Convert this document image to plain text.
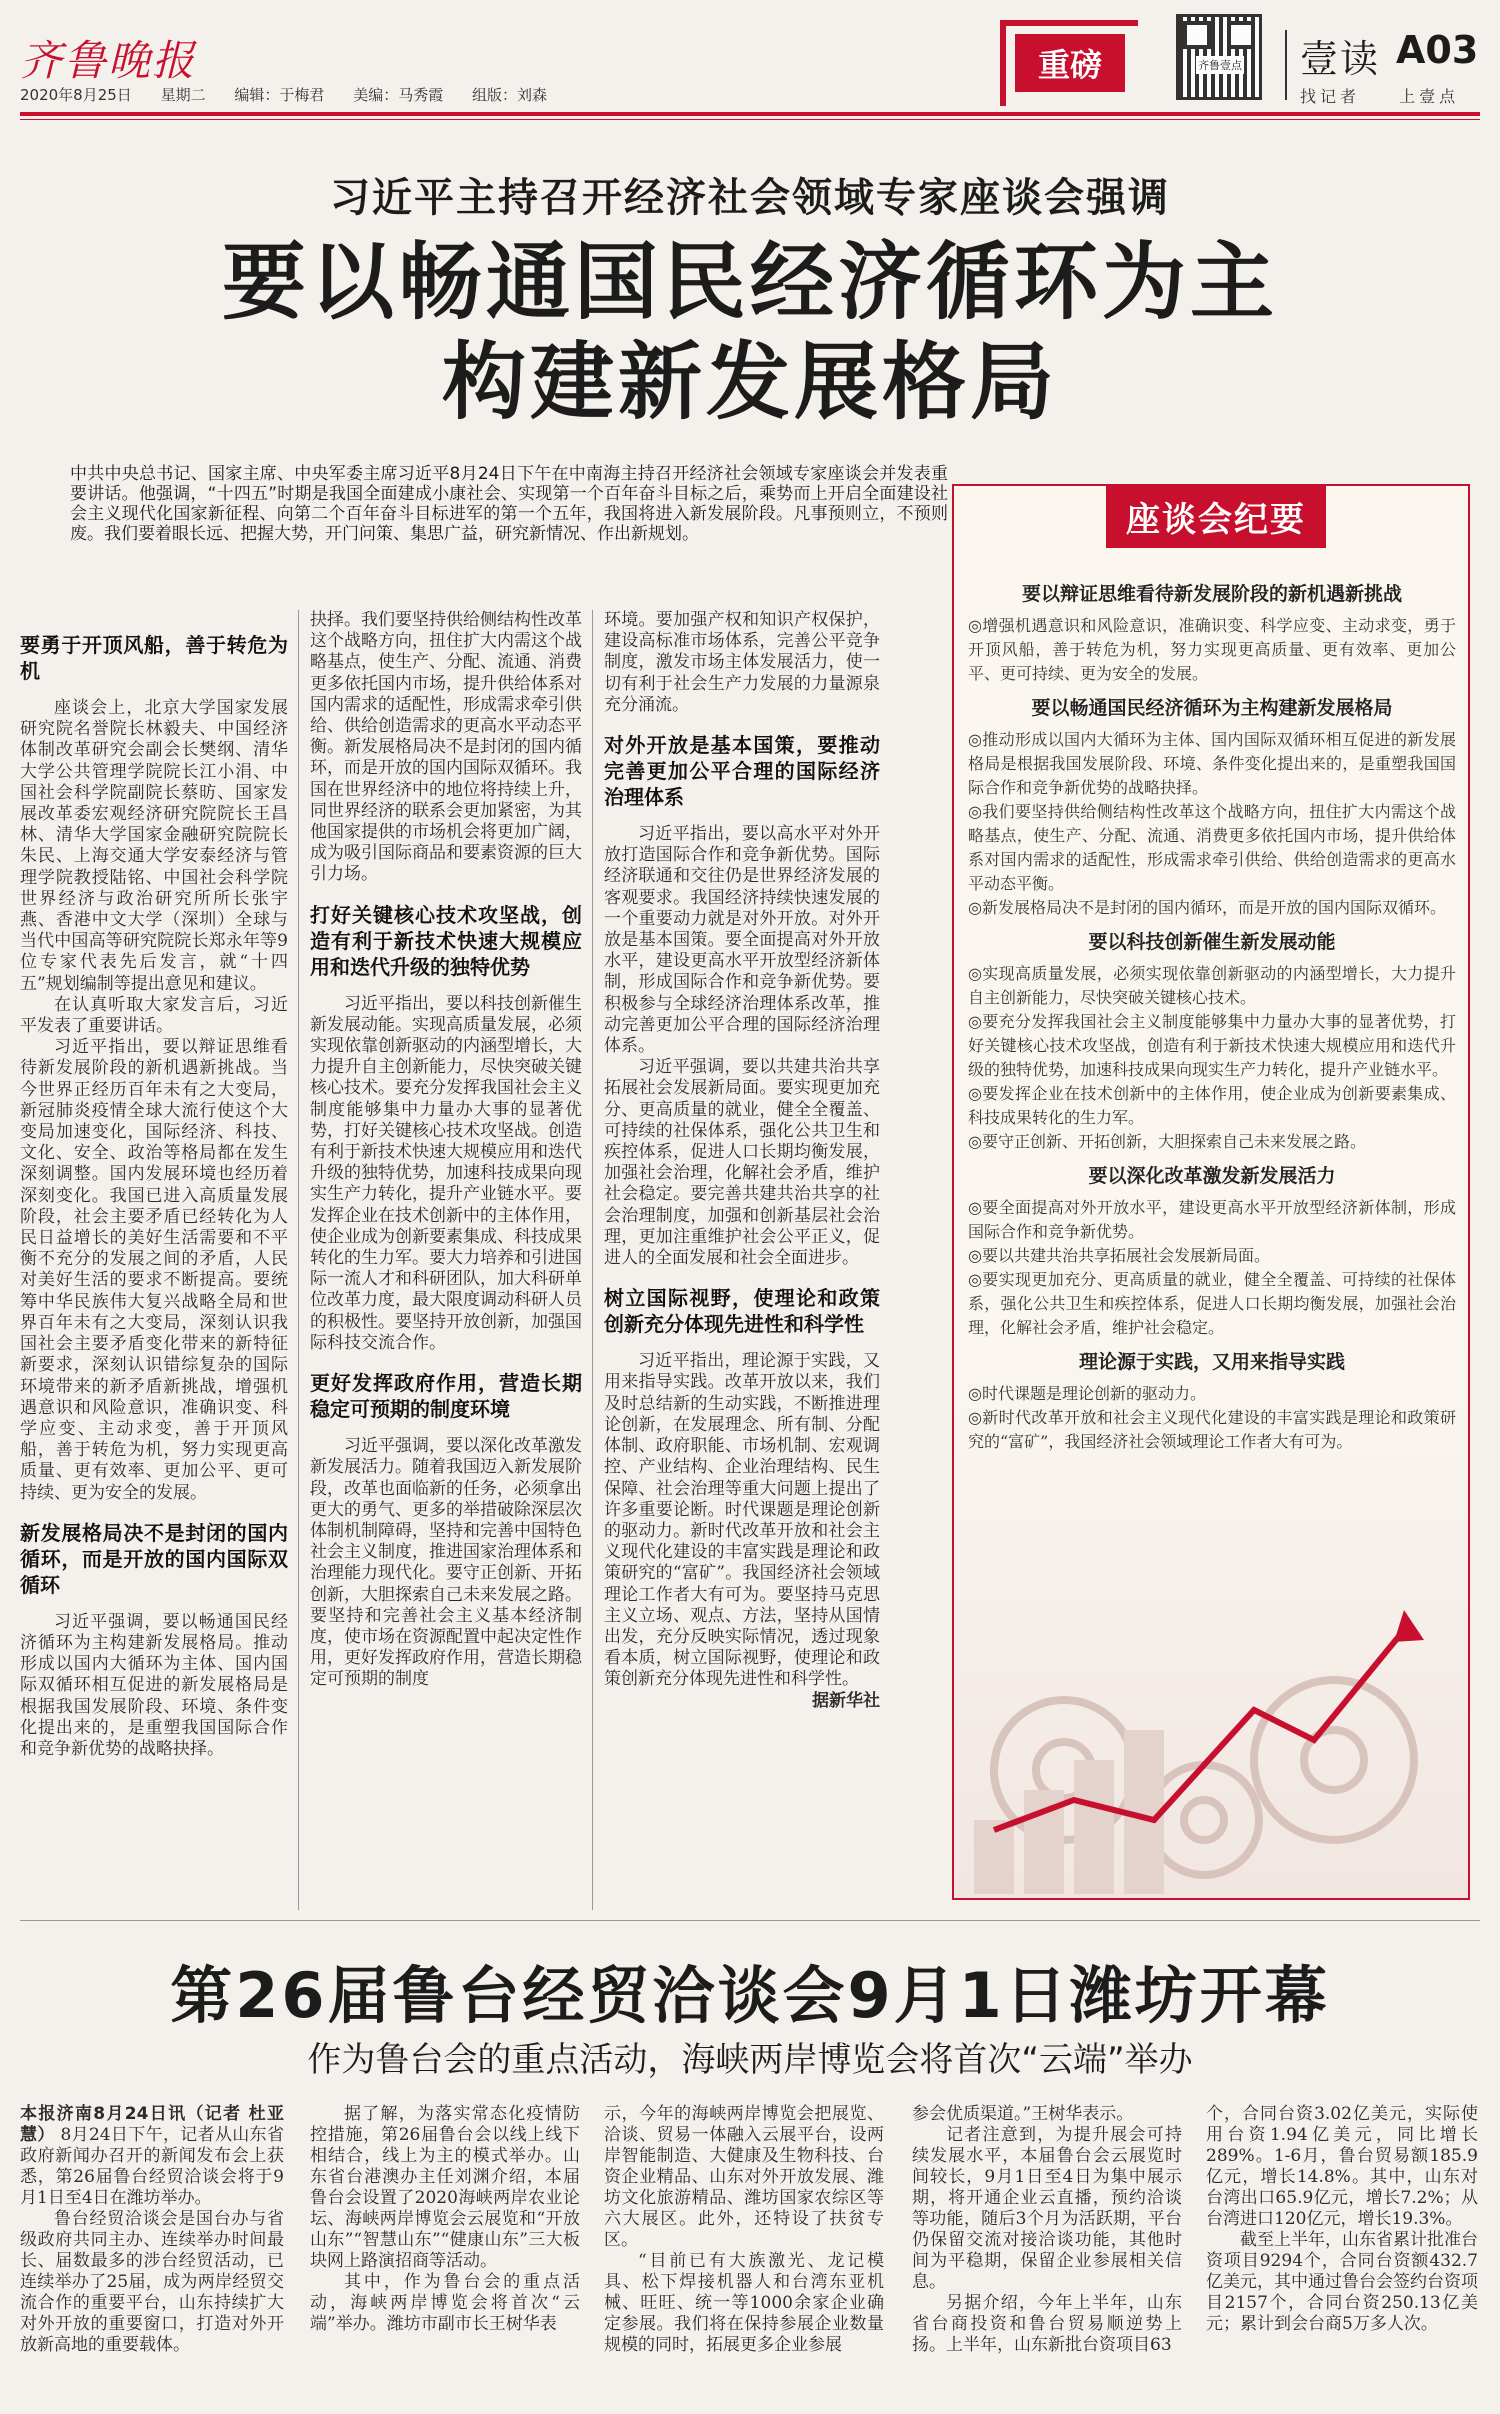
齐鲁晚报
2020年8月25日 星期二 编辑：于梅君 美编：马秀霞 组版：刘森
重磅	齐鲁壹点 壹读 A03
找记者 上壹点
习近平主持召开经济社会领域专家座谈会强调
要以畅通国民经济循环为主
构建新发展格局
中共中央总书记、国家主席、中央军委主席习近平8月24日下午在中南海主持召开经济社会领域专家座谈会并发表重要讲话。他强调，“十四五”时期是我国全面建成小康社会、实现第一个百年奋斗目标之后，乘势而上开启全面建设社会主义现代化国家新征程、向第二个百年奋斗目标进军的第一个五年，我国将进入新发展阶段。凡事预则立，不预则废。我们要着眼长远、把握大势，开门问策、集思广益，研究新情况、作出新规划。
要勇于开顶风船，善于转危为机

座谈会上，北京大学国家发展研究院名誉院长林毅夫、中国经济体制改革研究会副会长樊纲、清华大学公共管理学院院长江小涓、中国社会科学院副院长蔡昉、国家发展改革委宏观经济研究院院长王昌林、清华大学国家金融研究院院长朱民、上海交通大学安泰经济与管理学院教授陆铭、中国社会科学院世界经济与政治研究所所长张宇燕、香港中文大学（深圳）全球与当代中国高等研究院院长郑永年等9位专家代表先后发言，就“十四五”规划编制等提出意见和建议。

在认真听取大家发言后，习近平发表了重要讲话。

习近平指出，要以辩证思维看待新发展阶段的新机遇新挑战。当今世界正经历百年未有之大变局，新冠肺炎疫情全球大流行使这个大变局加速变化，国际经济、科技、文化、安全、政治等格局都在发生深刻调整。国内发展环境也经历着深刻变化。我国已进入高质量发展阶段，社会主要矛盾已经转化为人民日益增长的美好生活需要和不平衡不充分的发展之间的矛盾，人民对美好生活的要求不断提高。要统筹中华民族伟大复兴战略全局和世界百年未有之大变局，深刻认识我国社会主要矛盾变化带来的新特征新要求，深刻认识错综复杂的国际环境带来的新矛盾新挑战，增强机遇意识和风险意识，准确识变、科学应变、主动求变，善于开顶风船，善于转危为机，努力实现更高质量、更有效率、更加公平、更可持续、更为安全的发展。

新发展格局决不是封闭的国内循环，而是开放的国内国际双循环

习近平强调，要以畅通国民经济循环为主构建新发展格局。推动形成以国内大循环为主体、国内国际双循环相互促进的新发展格局是根据我国发展阶段、环境、条件变化提出来的，是重塑我国国际合作和竞争新优势的战略抉择。

抉择。我们要坚持供给侧结构性改革这个战略方向，扭住扩大内需这个战略基点，使生产、分配、流通、消费更多依托国内市场，提升供给体系对国内需求的适配性，形成需求牵引供给、供给创造需求的更高水平动态平衡。新发展格局决不是封闭的国内循环，而是开放的国内国际双循环。我国在世界经济中的地位将持续上升，同世界经济的联系会更加紧密，为其他国家提供的市场机会将更加广阔，成为吸引国际商品和要素资源的巨大引力场。

打好关键核心技术攻坚战，创造有利于新技术快速大规模应用和迭代升级的独特优势

习近平指出，要以科技创新催生新发展动能。实现高质量发展，必须实现依靠创新驱动的内涵型增长，大力提升自主创新能力，尽快突破关键核心技术。要充分发挥我国社会主义制度能够集中力量办大事的显著优势，打好关键核心技术攻坚战。创造有利于新技术快速大规模应用和迭代升级的独特优势，加速科技成果向现实生产力转化，提升产业链水平。要发挥企业在技术创新中的主体作用，使企业成为创新要素集成、科技成果转化的生力军。要大力培养和引进国际一流人才和科研团队，加大科研单位改革力度，最大限度调动科研人员的积极性。要坚持开放创新，加强国际科技交流合作。

更好发挥政府作用，营造长期稳定可预期的制度环境

习近平强调，要以深化改革激发新发展活力。随着我国迈入新发展阶段，改革也面临新的任务，必须拿出更大的勇气、更多的举措破除深层次体制机制障碍，坚持和完善中国特色社会主义制度，推进国家治理体系和治理能力现代化。要守正创新、开拓创新，大胆探索自己未来发展之路。要坚持和完善社会主义基本经济制度，使市场在资源配置中起决定性作用，更好发挥政府作用，营造长期稳定可预期的制度

环境。要加强产权和知识产权保护，建设高标准市场体系，完善公平竞争制度，激发市场主体发展活力，使一切有利于社会生产力发展的力量源泉充分涌流。

对外开放是基本国策，要推动完善更加公平合理的国际经济治理体系

习近平指出，要以高水平对外开放打造国际合作和竞争新优势。国际经济联通和交往仍是世界经济发展的客观要求。我国经济持续快速发展的一个重要动力就是对外开放。对外开放是基本国策。要全面提高对外开放水平，建设更高水平开放型经济新体制，形成国际合作和竞争新优势。要积极参与全球经济治理体系改革，推动完善更加公平合理的国际经济治理体系。

习近平强调，要以共建共治共享拓展社会发展新局面。要实现更加充分、更高质量的就业，健全全覆盖、可持续的社保体系，强化公共卫生和疾控体系，促进人口长期均衡发展，加强社会治理，化解社会矛盾，维护社会稳定。要完善共建共治共享的社会治理制度，加强和创新基层社会治理，更加注重维护社会公平正义，促进人的全面发展和社会全面进步。

树立国际视野，使理论和政策创新充分体现先进性和科学性

习近平指出，理论源于实践，又用来指导实践。改革开放以来，我们及时总结新的生动实践，不断推进理论创新，在发展理念、所有制、分配体制、政府职能、市场机制、宏观调控、产业结构、企业治理结构、民生保障、社会治理等重大问题上提出了许多重要论断。时代课题是理论创新的驱动力。新时代改革开放和社会主义现代化建设的丰富实践是理论和政策研究的“富矿”。我国经济社会领域理论工作者大有可为。要坚持马克思主义立场、观点、方法，坚持从国情出发，充分反映实际情况，透过现象看本质，树立国际视野，使理论和政策创新充分体现先进性和科学性。

据新华社

座谈会纪要
要以辩证思维看待新发展阶段的新机遇新挑战

◎增强机遇意识和风险意识，准确识变、科学应变、主动求变，勇于开顶风船，善于转危为机，努力实现更高质量、更有效率、更加公平、更可持续、更为安全的发展。

要以畅通国民经济循环为主构建新发展格局

◎推动形成以国内大循环为主体、国内国际双循环相互促进的新发展格局是根据我国发展阶段、环境、条件变化提出来的，是重塑我国国际合作和竞争新优势的战略抉择。

◎我们要坚持供给侧结构性改革这个战略方向，扭住扩大内需这个战略基点，使生产、分配、流通、消费更多依托国内市场，提升供给体系对国内需求的适配性，形成需求牵引供给、供给创造需求的更高水平动态平衡。

◎新发展格局决不是封闭的国内循环，而是开放的国内国际双循环。

要以科技创新催生新发展动能

◎实现高质量发展，必须实现依靠创新驱动的内涵型增长，大力提升自主创新能力，尽快突破关键核心技术。

◎要充分发挥我国社会主义制度能够集中力量办大事的显著优势，打好关键核心技术攻坚战，创造有利于新技术快速大规模应用和迭代升级的独特优势，加速科技成果向现实生产力转化，提升产业链水平。

◎要发挥企业在技术创新中的主体作用，使企业成为创新要素集成、科技成果转化的生力军。

◎要守正创新、开拓创新，大胆探索自己未来发展之路。

要以深化改革激发新发展活力

◎要全面提高对外开放水平，建设更高水平开放型经济新体制，形成国际合作和竞争新优势。

◎要以共建共治共享拓展社会发展新局面。

◎要实现更加充分、更高质量的就业，健全全覆盖、可持续的社保体系，强化公共卫生和疾控体系，促进人口长期均衡发展，加强社会治理，化解社会矛盾，维护社会稳定。

理论源于实践，又用来指导实践

◎时代课题是理论创新的驱动力。

◎新时代改革开放和社会主义现代化建设的丰富实践是理论和政策研究的“富矿”，我国经济社会领域理论工作者大有可为。

第26届鲁台经贸洽谈会9月1日潍坊开幕
作为鲁台会的重点活动，海峡两岸博览会将首次“云端”举办

本报济南8月24日讯（记者 杜亚慧） 8月24日下午，记者从山东省政府新闻办召开的新闻发布会上获悉，第26届鲁台经贸洽谈会将于9月1日至4日在潍坊举办。

鲁台经贸洽谈会是国台办与省级政府共同主办、连续举办时间最长、届数最多的涉台经贸活动，已连续举办了25届，成为两岸经贸交流合作的重要平台，山东持续扩大对外开放的重要窗口，打造对外开放新高地的重要载体。

据了解，为落实常态化疫情防控措施，第26届鲁台会以线上线下相结合，线上为主的模式举办。山东省台港澳办主任刘渊介绍，本届鲁台会设置了2020海峡两岸农业论坛、海峡两岸博览会云展览和“开放山东”“智慧山东”“健康山东”三大板块网上路演招商等活动。

其中，作为鲁台会的重点活动，海峡两岸博览会将首次“云端”举办。潍坊市副市长王树华表

示，今年的海峡两岸博览会把展览、洽谈、贸易一体融入云展平台，设两岸智能制造、大健康及生物科技、台资企业精品、山东对外开放发展、潍坊文化旅游精品、潍坊国家农综区等六大展区。此外，还特设了扶贫专区。

“目前已有大族激光、龙记模具、松下焊接机器人和台湾东亚机械、旺旺、统一等1000余家企业确定参展。我们将在保持参展企业数量规模的同时，拓展更多企业参展

参会优质渠道。”王树华表示。

记者注意到，为提升展会可持续发展水平，本届鲁台会云展览时间较长，9月1日至4日为集中展示期，将开通企业云直播，预约洽谈等功能，随后3个月为活跃期，平台仍保留交流对接洽谈功能，其他时间为平稳期，保留企业参展相关信息。

另据介绍，今年上半年，山东省台商投资和鲁台贸易顺逆势上扬。上半年，山东新批台资项目63

个，合同台资3.02亿美元，实际使用台资1.94亿美元，同比增长289%。1-6月，鲁台贸易额185.9亿元，增长14.8%。其中，山东对台湾出口65.9亿元，增长7.2%；从台湾进口120亿元，增长19.3%。

截至上半年，山东省累计批准台资项目9294个，合同台资额432.7亿美元，其中通过鲁台会签约台资项目2157个，合同台资250.13亿美元；累计到会台商5万多人次。
